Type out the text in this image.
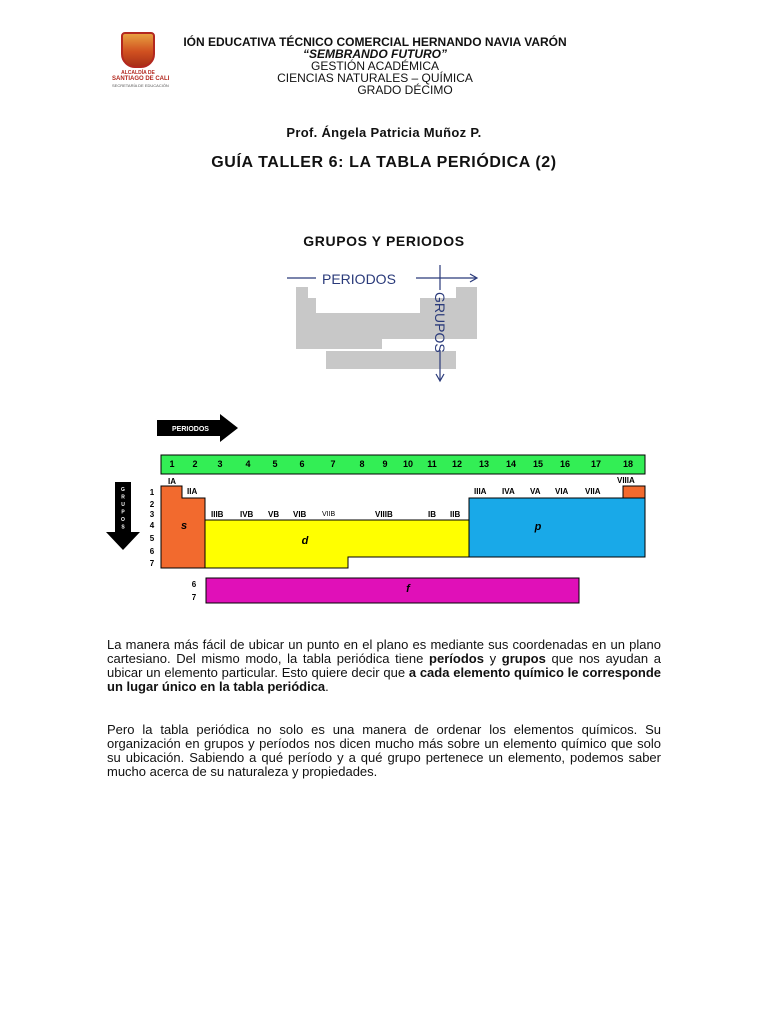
ALCALDÍA DE
SANTIAGO DE CALI
SECRETARÍA DE EDUCACIÓN
IÓN EDUCATIVA TÉCNICO COMERCIAL HERNANDO NAVIA VARÓN
“SEMBRANDO FUTURO”
GESTIÓN ACADÉMICA
CIENCIAS NATURALES – QUÍMICA
GRADO DÉCIMO
Prof. Ángela Patricia Muñoz P.
GUÍA TALLER 6: LA TABLA PERIÓDICA (2)
GRUPOS Y PERIODOS
PERIODOS
GRUPOS
PERIODOS
G
R
U
P
O
S
1 2 3	4 5 6	7	8 9 10 11 12 13 14 15 16 17 18
s
d
p
f
IA
IIA
IIIB IVB VB VIB VIIB	VIIIB	IB IIB
IIIA IVA VA VIA VIIA
VIIIA
1
2
3
4
5
6
7
6
7
La manera más fácil de ubicar un punto en el plano es mediante sus coordenadas en un plano cartesiano. Del mismo modo, la tabla periódica tiene períodos y grupos que nos ayudan a ubicar un elemento particular. Esto quiere decir que a cada elemento químico le corresponde un lugar único en la tabla periódica.
Pero la tabla periódica no solo es una manera de ordenar los elementos químicos. Su organización en grupos y períodos nos dicen mucho más sobre un elemento químico que solo su ubicación. Sabiendo a qué período y a qué grupo pertenece un elemento, podemos saber mucho acerca de su naturaleza y propiedades.
